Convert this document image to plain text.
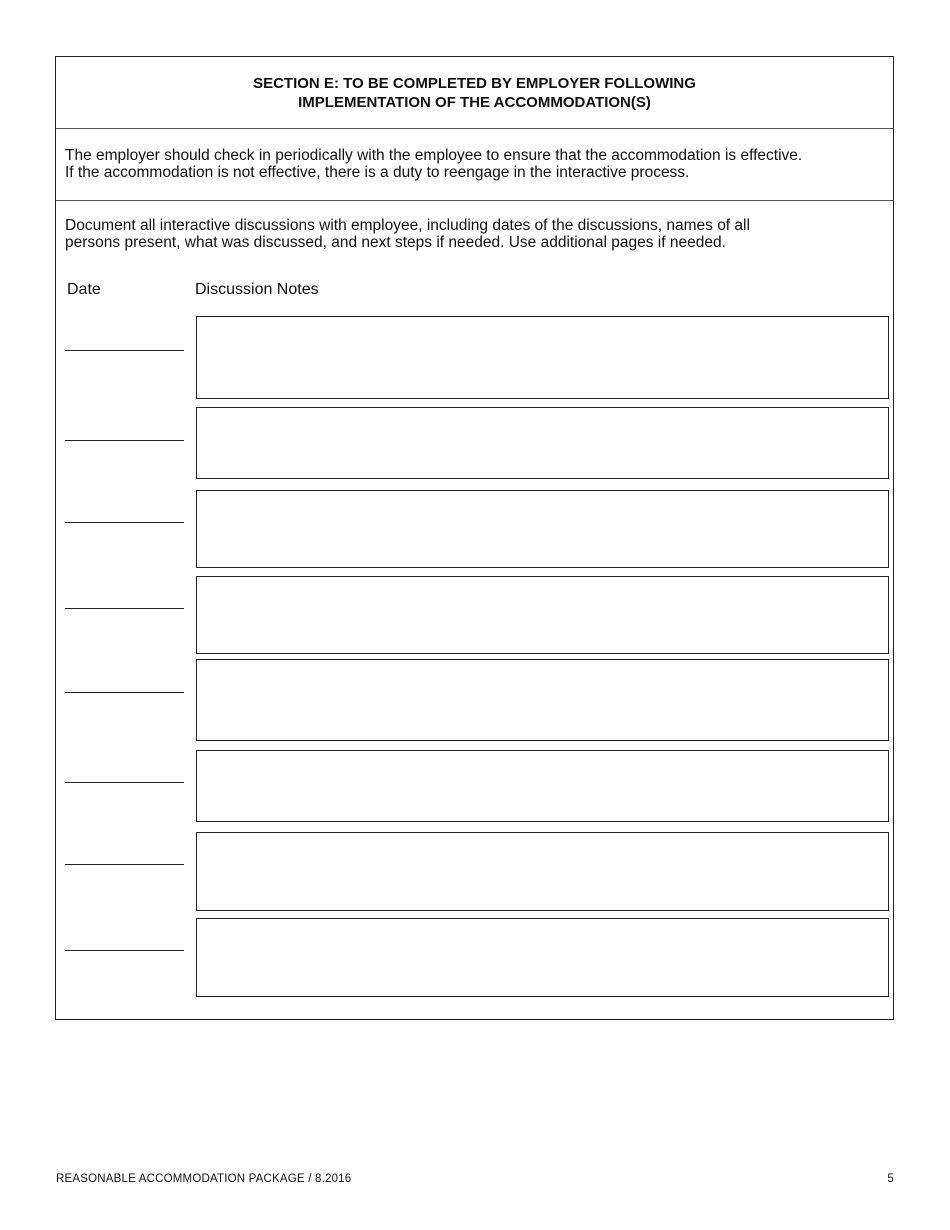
SECTION E: TO BE COMPLETED BY EMPLOYER FOLLOWING
IMPLEMENTATION OF THE ACCOMMODATION(S)
The employer should check in periodically with the employee to ensure that the accommodation is effective.
If the accommodation is not effective, there is a duty to reengage in the interactive process.
Document all interactive discussions with employee, including dates of the discussions, names of all
persons present, what was discussed, and next steps if needed. Use additional pages if needed.
Date	Discussion Notes
REASONABLE ACCOMMODATION PACKAGE / 8.2016	5
